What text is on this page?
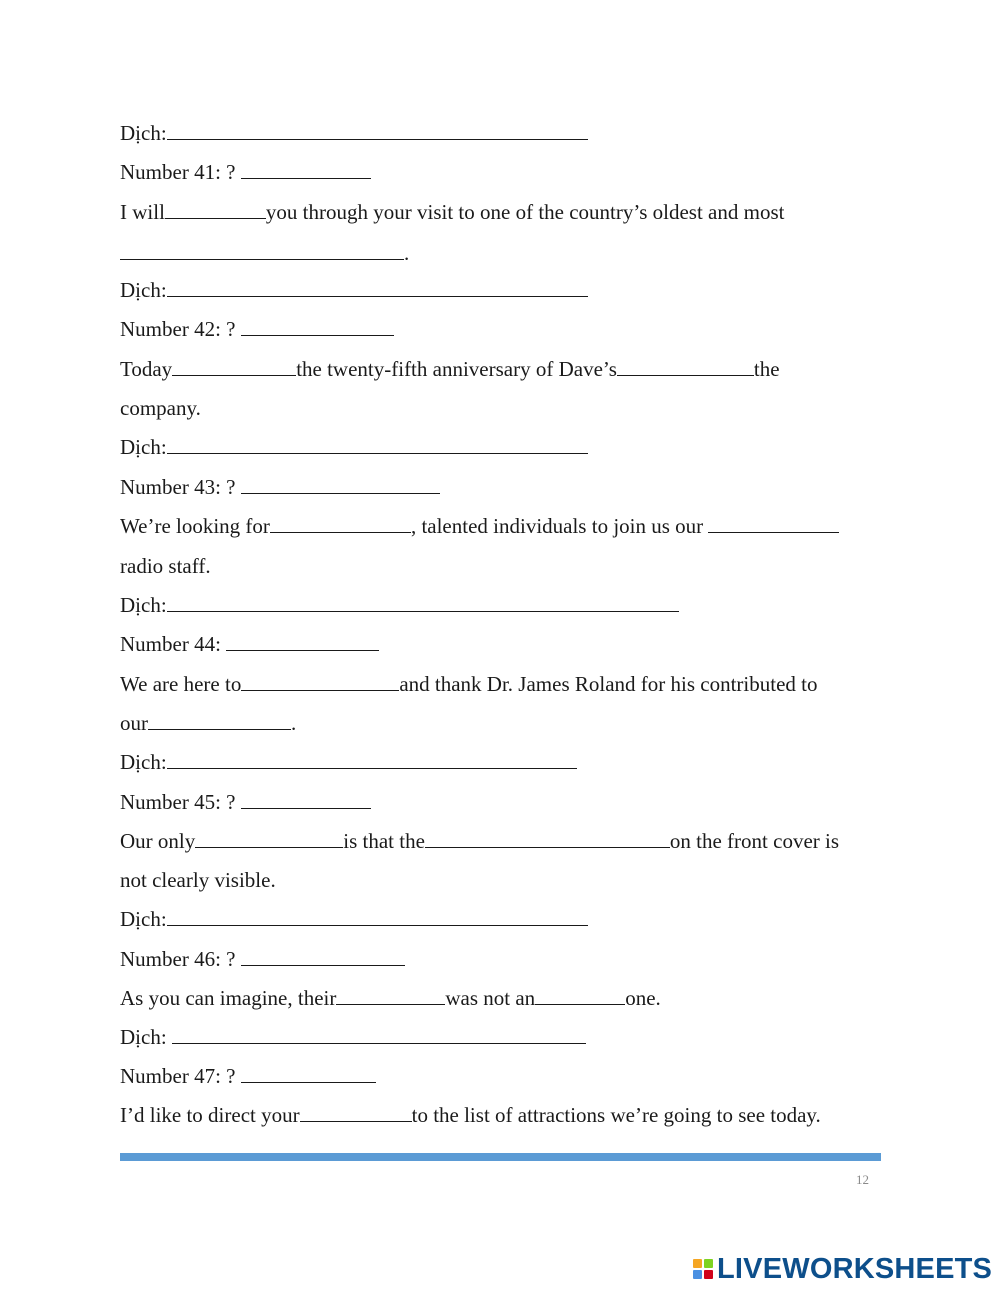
Dịch:
Number 41: ?
I will	you through your visit to one of the country’s oldest and most
.
Dịch:
Number 42: ?
Today	the twenty-fifth anniversary of Dave’s	the
company.
Dịch:
Number 43: ?
We’re looking for	, talented individuals to join us our
radio staff.
Dịch:
Number 44:
We are here to	and thank Dr. James Roland for his contributed to
our	.
Dịch:
Number 45: ?
Our only	is that the	on the front cover is
not clearly visible.
Dịch:
Number 46: ?
As you can imagine, their	was not an	one.
Dịch:
Number 47: ?
I’d like to direct your	to the list of attractions we’re going to see today.
12
LIVEWORKSHEETS
